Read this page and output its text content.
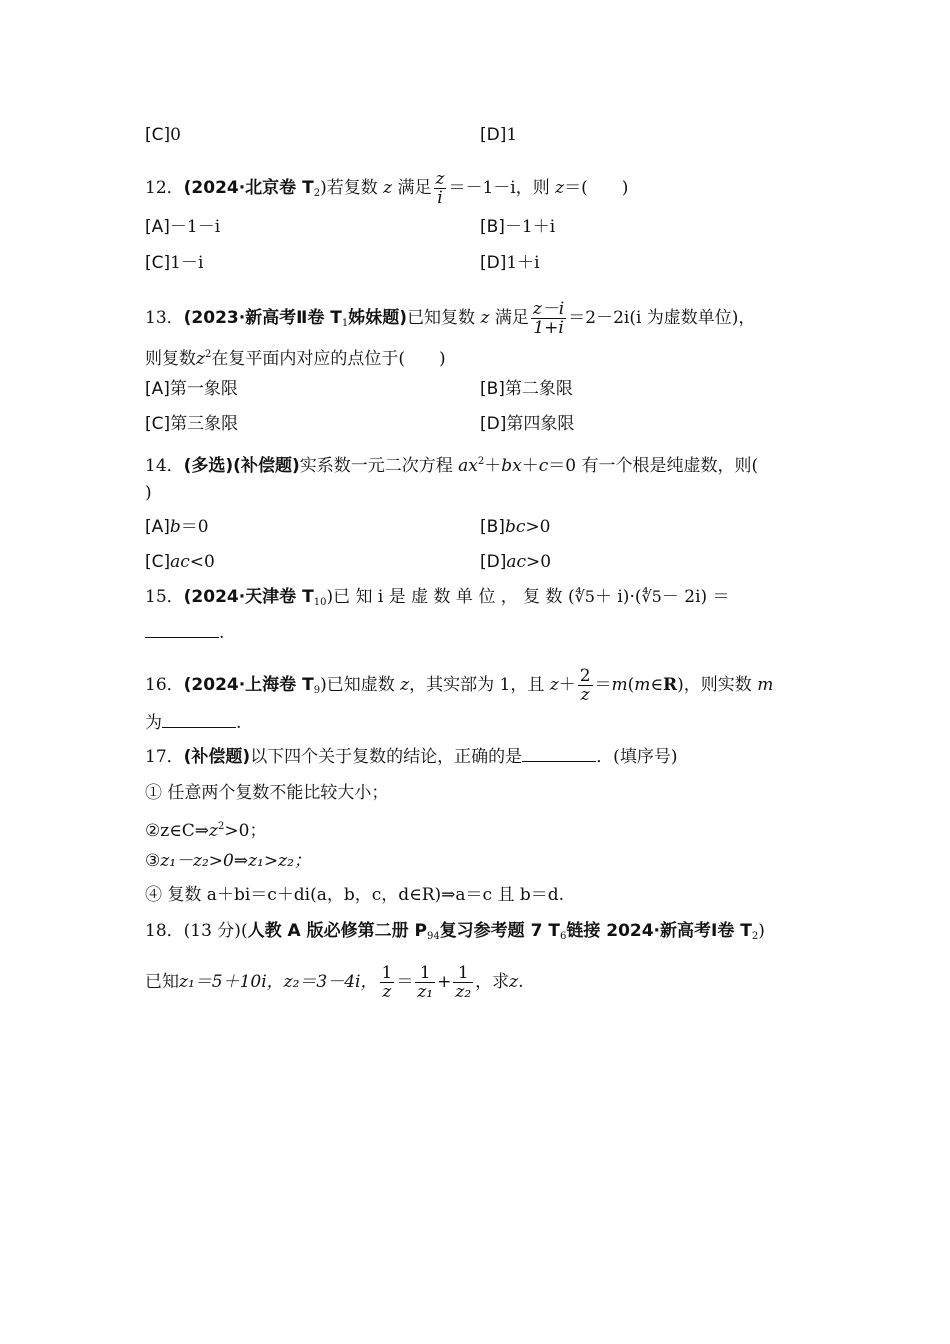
[C]0	[D]1
12．(2024·北京卷 $T_2$)若复数 z 满足 $\frac{z}{i} =-1-i$，则 z＝(　　)
[A]－1－i	[B]－1＋i
[C]1－i	[D]1＋i
13．(2023·新高考Ⅱ卷 $T_1$姊妹题)已知复数 z 满足 $\frac{z-i}{1+i} =2-2i(i$ 为虚数单位)，
则复数$z^2$在复平面内对应的点位于(　　)
[A]第一象限	[B]第二象限
[C]第三象限	[D]第四象限
14．(多选)(补偿题)实系数一元二次方程 $ax^2+bx+c=0$ 有一个根是纯虚数，则(
)
[A]b＝0	[B]bc>0
[C]ac<0	[D]ac>0
15．(2024·天津卷 $T_{10}$)已 知 i 是 虚 数 单 位 ， 复 数 (∜5＋ i)·(∜5－ 2i) ＝
.
16．(2024·上海卷 $T_9$)已知虚数 z，其实部为 1，且 $z+ \frac{2}{z}$ ＝m(m∈R)，则实数 m
为	.
17．(补偿题)以下四个关于复数的结论，正确的是	．(填序号)
① 任意两个复数不能比较大小；
$②z\in C\Rightarrow z^2>0$；
③z₁－z₂>0⇒z₁>z₂；
④ 复数 a＋bi＝c＋di(a，b，c，d∈R)⇒a＝c 且 b＝d.
18．(13 分)(人教 A 版必修第二册 $P_{94}$复习参考题 7 $T_6$链接 2024·新高考Ⅰ卷 $T_2$)
已知z₁＝5＋10i，z₂＝3－4i， $\frac{1}{z} = \frac{1}{\text{z₁}} + \frac{1}{\text{z₂}}$ ，求z.
